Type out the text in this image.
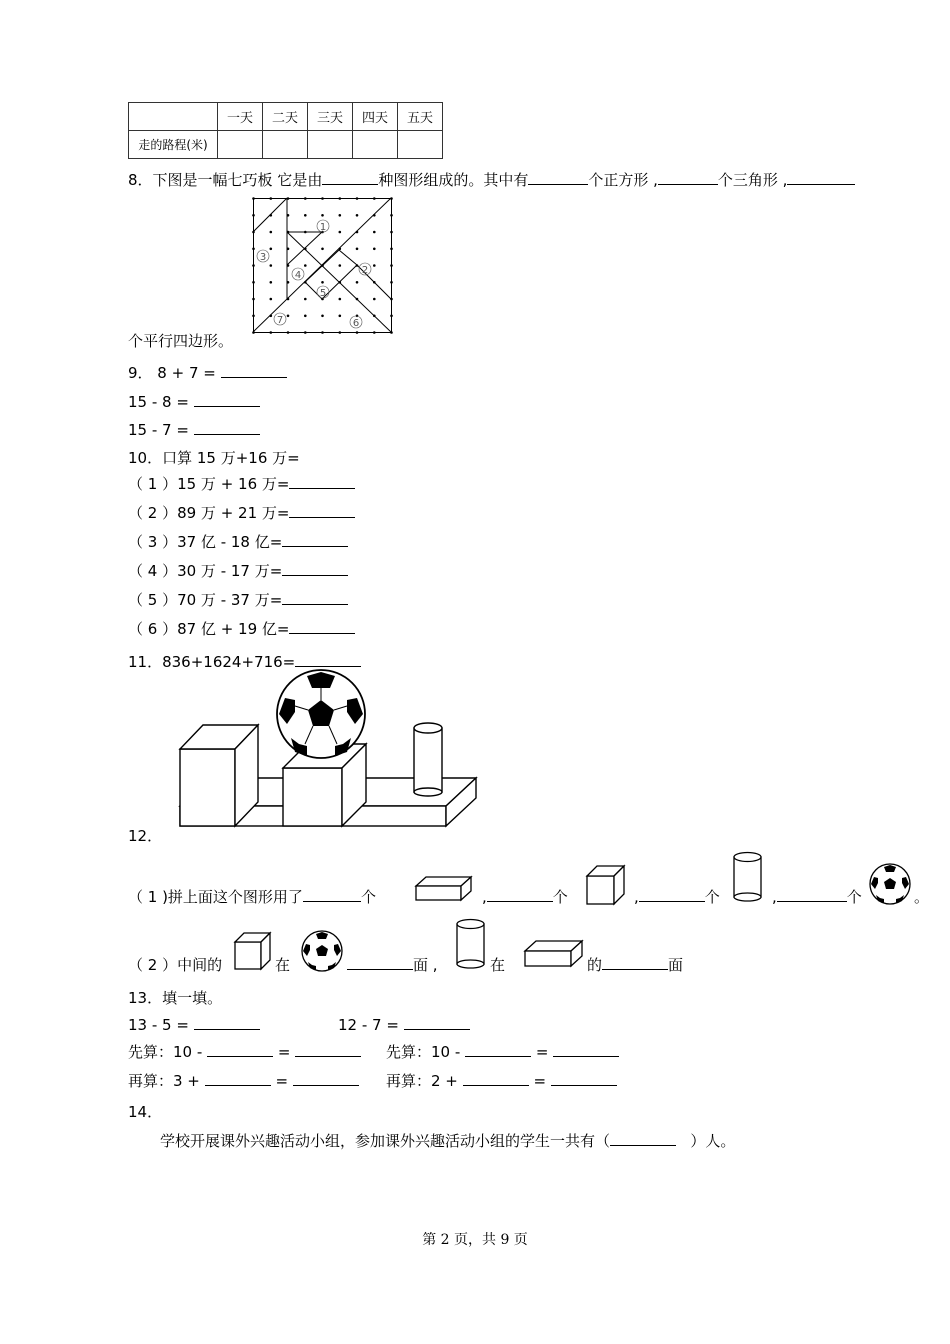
	一天	二天	三天	四天	五天
走的路程(米)					
8．下图是一幅七巧板 它是由	种图形组成的。其中有	个正方形 ,	个三角形 ,
1
2
3
4
5
6
7
个平行四边形。
9． 8 + 7 =
15 - 8 =
15 - 7 =
10．口算 15 万+16 万=
（ 1 ）15 万 + 16 万=
（ 2 ）89 万 + 21 万=
（ 3 ）37 亿 - 18 亿=
（ 4 ）30 万 - 17 万=
（ 5 ）70 万 - 37 万=
（ 6 ）87 亿 + 19 亿=
11．836+1624+716=
12．
（ 1 )拼上面这个图形用了	个	,	个	,	个	,	个	。
（ 2 ）中间的	在	面 ,	在	的	面
13．填一填。
13 - 5 =	12 - 7 =
先算：10 -	=	先算：10 -	=
再算：3 +	=	再算：2 +	=
14．
学校开展课外兴趣活动小组，参加课外兴趣活动小组的学生一共有（	）人。
第 2 页，共 9 页
